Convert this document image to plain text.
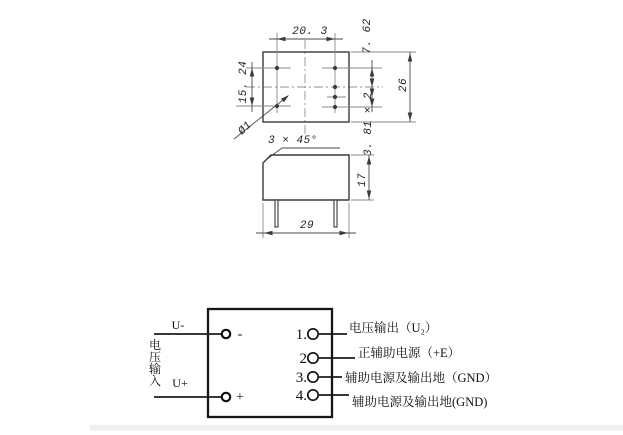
20. 3
15. 24
7. 62
3. 81 × 2
26
Ø1
3 × 45°
17
29
电
压
输
入
U-
-
U+
+
1.	电压输出（U₂）
2	正辅助电源（+E）
3.	辅助电源及输出地（GND）
4.	辅助电源及输出地(GND)
